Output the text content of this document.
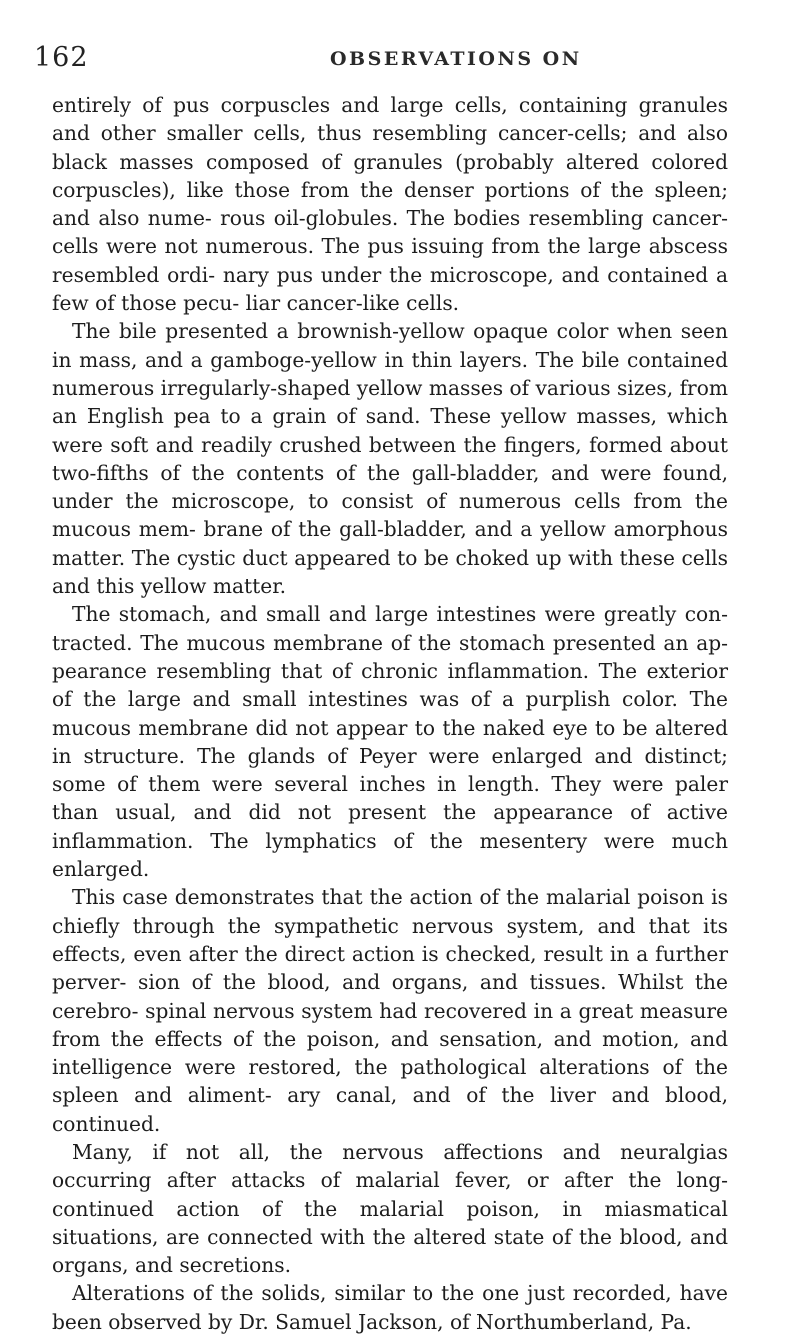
162	OBSERVATIONS ON

entirely of pus corpuscles and large cells, containing granules and other smaller cells, thus resembling cancer-cells; and also black masses composed of granules (probably altered colored corpuscles), like those from the denser portions of the spleen; and also nume- rous oil-globules. The bodies resembling cancer-cells were not numerous. The pus issuing from the large abscess resembled ordi- nary pus under the microscope, and contained a few of those pecu- liar cancer-like cells.

The bile presented a brownish-yellow opaque color when seen in mass, and a gamboge-yellow in thin layers. The bile contained numerous irregularly-shaped yellow masses of various sizes, from an English pea to a grain of sand. These yellow masses, which were soft and readily crushed between the fingers, formed about two-fifths of the contents of the gall-bladder, and were found, under the microscope, to consist of numerous cells from the mucous mem- brane of the gall-bladder, and a yellow amorphous matter. The cystic duct appeared to be choked up with these cells and this yellow matter.

The stomach, and small and large intestines were greatly con- tracted. The mucous membrane of the stomach presented an ap- pearance resembling that of chronic inflammation. The exterior of the large and small intestines was of a purplish color. The mucous membrane did not appear to the naked eye to be altered in structure. The glands of Peyer were enlarged and distinct; some of them were several inches in length. They were paler than usual, and did not present the appearance of active inflammation. The lymphatics of the mesentery were much enlarged.

This case demonstrates that the action of the malarial poison is chiefly through the sympathetic nervous system, and that its effects, even after the direct action is checked, result in a further perver- sion of the blood, and organs, and tissues. Whilst the cerebro- spinal nervous system had recovered in a great measure from the effects of the poison, and sensation, and motion, and intelligence were restored, the pathological alterations of the spleen and aliment- ary canal, and of the liver and blood, continued.

Many, if not all, the nervous affections and neuralgias occurring after attacks of malarial fever, or after the long-continued action of the malarial poison, in miasmatical situations, are connected with the altered state of the blood, and organs, and secretions.

Alterations of the solids, similar to the one just recorded, have been observed by Dr. Samuel Jackson, of Northumberland, Pa.
